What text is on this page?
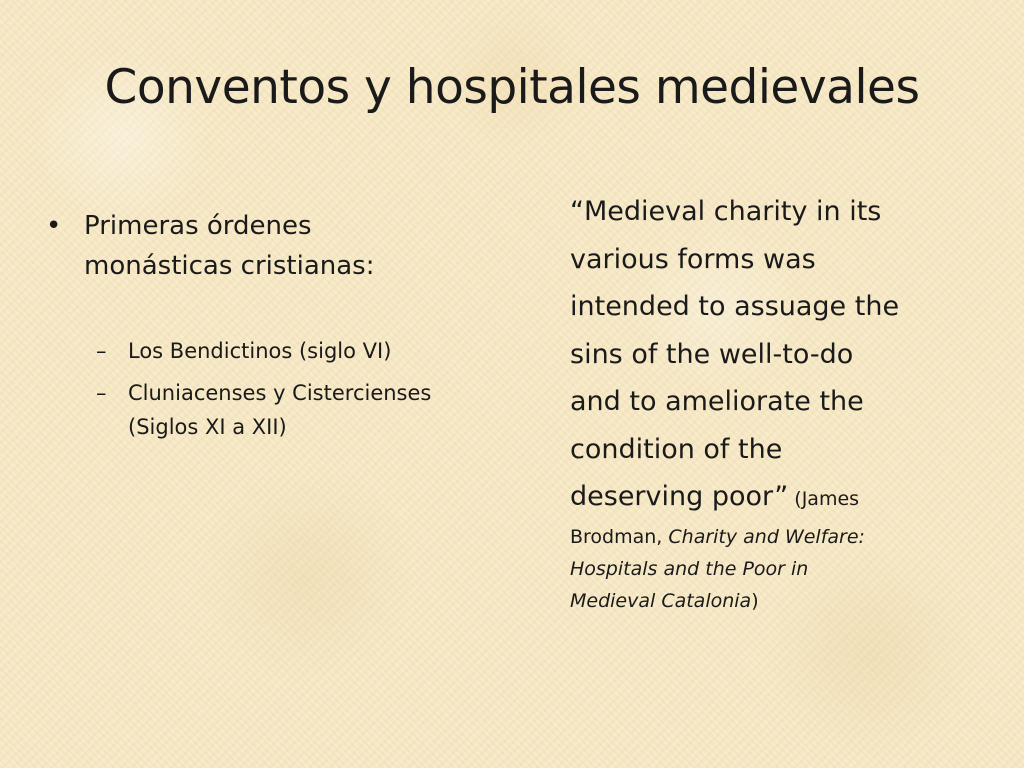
Conventos y hospitales medievales
• Primeras órdenes
monásticas cristianas:
– Los Bendictinos (siglo VI)
– Cluniacenses y Cistercienses
(Siglos XI a XII)
“Medieval charity in its
various forms was
intended to assuage the
sins of the well-to-do
and to ameliorate the
condition of the
deserving poor” (James
Brodman, Charity and Welfare:
Hospitals and the Poor in
Medieval Catalonia)
